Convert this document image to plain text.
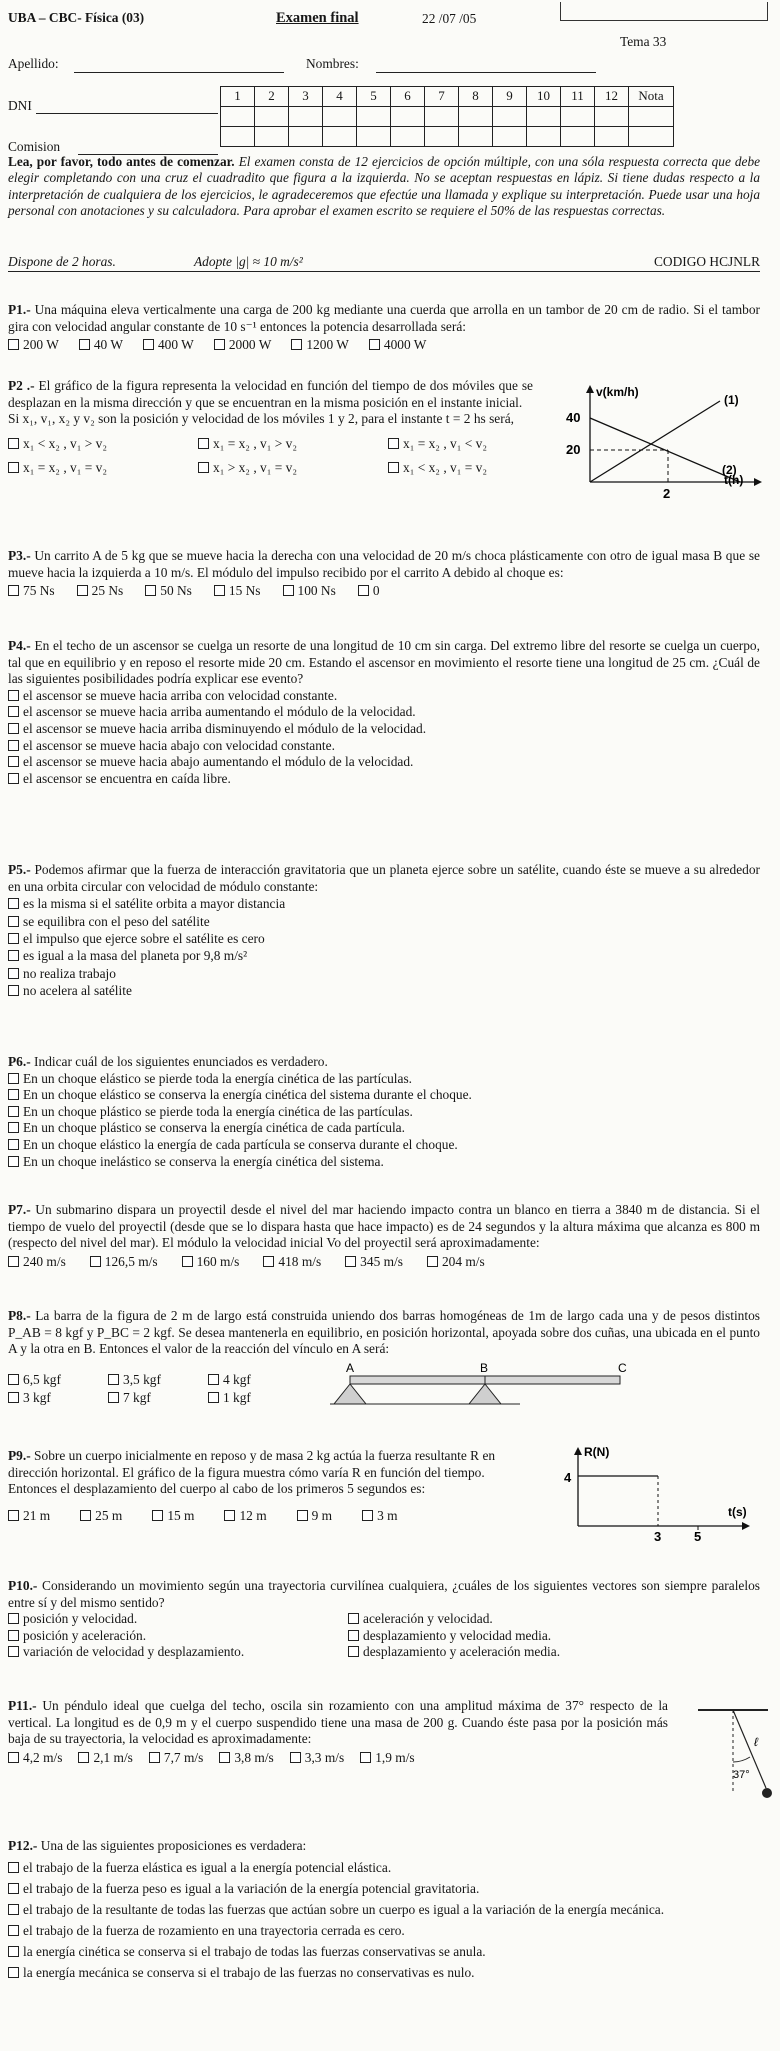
UBA – CBC- Física (03)	Examen final	22 /07 /05
Tema 33
Apellido:	Nombres:
DNI
1	2	3	4	5	6	7	8	9	10	11	12	Nota

Comision
Lea, por favor, todo antes de comenzar. El examen consta de 12 ejercicios de opción múltiple, con una sóla respuesta correcta que debe elegir completando con una cruz el cuadradito que figura a la izquierda. No se aceptan respuestas en lápiz. Si tiene dudas respecto a la interpretación de cualquiera de los ejercicios, le agradeceremos que efectúe una llamada y explique su interpretación. Puede usar una hoja personal con anotaciones y su calculadora. Para aprobar el examen escrito se requiere el 50% de las respuestas correctas.
Dispone de 2 horas.	Adopte |g| ≈ 10 m/s²	CODIGO HCJNLR
P1.- Una máquina eleva verticalmente una carga de 200 kg mediante una cuerda que arrolla en un tambor de 20 cm de radio. Si el tambor gira con velocidad angular constante de 10 s⁻¹ entonces la potencia desarrollada será:
200 W	40 W	400 W	2000 W	1200 W	4000 W
P2 .- El gráfico de la figura representa la velocidad en función del tiempo de dos móviles que se desplazan en la misma dirección y que se encuentran en la misma posición en el instante inicial.
Si x₁, v₁, x₂ y v₂ son la posición y velocidad de los móviles 1 y 2, para el instante t = 2 hs será,
x₁ < x₂ , v₁ > v₂	x₁ = x₂ , v₁ > v₂	x₁ = x₂ , v₁ < v₂
x₁ = x₂ , v₁ = v₂	x₁ > x₂ , v₁ = v₂	x₁ < x₂ , v₁ = v₂
v(km/h)
40
20
2
t(h)
(1)
(2)
P3.- Un carrito A de 5 kg que se mueve hacia la derecha con una velocidad de 20 m/s choca plásticamente con otro de igual masa B que se mueve hacia la izquierda a 10 m/s. El módulo del impulso recibido por el carrito A debido al choque es:
75 Ns	25 Ns	50 Ns	15 Ns	100 Ns	0
P4.- En el techo de un ascensor se cuelga un resorte de una longitud de 10 cm sin carga. Del extremo libre del resorte se cuelga un cuerpo, tal que en equilibrio y en reposo el resorte mide 20 cm. Estando el ascensor en movimiento el resorte tiene una longitud de 25 cm. ¿Cuál de las siguientes posibilidades podría explicar ese evento?
el ascensor se mueve hacia arriba con velocidad constante.
el ascensor se mueve hacia arriba aumentando el módulo de la velocidad.
el ascensor se mueve hacia arriba disminuyendo el módulo de la velocidad.
el ascensor se mueve hacia abajo con velocidad constante.
el ascensor se mueve hacia abajo aumentando el módulo de la velocidad.
el ascensor se encuentra en caída libre.
P5.- Podemos afirmar que la fuerza de interacción gravitatoria que un planeta ejerce sobre un satélite, cuando éste se mueve a su alrededor en una orbita circular con velocidad de módulo constante:
es la misma si el satélite orbita a mayor distancia
se equilibra con el peso del satélite
el impulso que ejerce sobre el satélite es cero
es igual a la masa del planeta por 9,8 m/s²
no realiza trabajo
no acelera al satélite
P6.- Indicar cuál de los siguientes enunciados es verdadero.
En un choque elástico se pierde toda la energía cinética de las partículas.
En un choque elástico se conserva la energía cinética del sistema durante el choque.
En un choque plástico se pierde toda la energía cinética de las partículas.
En un choque plástico se conserva la energía cinética de cada partícula.
En un choque elástico la energía de cada partícula se conserva durante el choque.
En un choque inelástico se conserva la energía cinética del sistema.
P7.- Un submarino dispara un proyectil desde el nivel del mar haciendo impacto contra un blanco en tierra a 3840 m de distancia. Si el tiempo de vuelo del proyectil (desde que se lo dispara hasta que hace impacto) es de 24 segundos y la altura máxima que alcanza es 800 m (respecto del nivel del mar). El módulo la velocidad inicial Vo del proyectil será aproximadamente:
240 m/s	126,5 m/s	160 m/s	418 m/s	345 m/s	204 m/s
P8.- La barra de la figura de 2 m de largo está construida uniendo dos barras homogéneas de 1m de largo cada una y de pesos distintos P_AB = 8 kgf y P_BC = 2 kgf. Se desea mantenerla en equilibrio, en posición horizontal, apoyada sobre dos cuñas, una ubicada en el punto A y la otra en B. Entonces el valor de la reacción del vínculo en A será:
6,5 kgf	3,5 kgf	4 kgf
3 kgf	7 kgf	1 kgf
A	B	C
P9.- Sobre un cuerpo inicialmente en reposo y de masa 2 kg actúa la fuerza resultante R en dirección horizontal. El gráfico de la figura muestra cómo varía R en función del tiempo. Entonces el desplazamiento del cuerpo al cabo de los primeros 5 segundos es:
21 m	25 m	15 m	12 m	9 m	3 m
R(N)
4
3	5
t(s)
P10.- Considerando un movimiento según una trayectoria curvilínea cualquiera, ¿cuáles de los siguientes vectores son siempre paralelos entre sí y del mismo sentido?
posición y velocidad.	aceleración y velocidad.
posición y aceleración.	desplazamiento y velocidad media.
variación de velocidad y desplazamiento.	desplazamiento y aceleración media.
P11.- Un péndulo ideal que cuelga del techo, oscila sin rozamiento con una amplitud máxima de 37° respecto de la vertical. La longitud es de 0,9 m y el cuerpo suspendido tiene una masa de 200 g. Cuando éste pasa por la posición más baja de su trayectoria, la velocidad es aproximadamente:
4,2 m/s 2,1 m/s 7,7 m/s 3,8 m/s 3,3 m/s 1,9 m/s
37°
ℓ
P12.- Una de las siguientes proposiciones es verdadera:
el trabajo de la fuerza elástica es igual a la energía potencial elástica.
el trabajo de la fuerza peso es igual a la variación de la energía potencial gravitatoria.
el trabajo de la resultante de todas las fuerzas que actúan sobre un cuerpo es igual a la variación de la energía mecánica.
el trabajo de la fuerza de rozamiento en una trayectoria cerrada es cero.
la energía cinética se conserva si el trabajo de todas las fuerzas conservativas se anula.
la energía mecánica se conserva si el trabajo de las fuerzas no conservativas es nulo.
